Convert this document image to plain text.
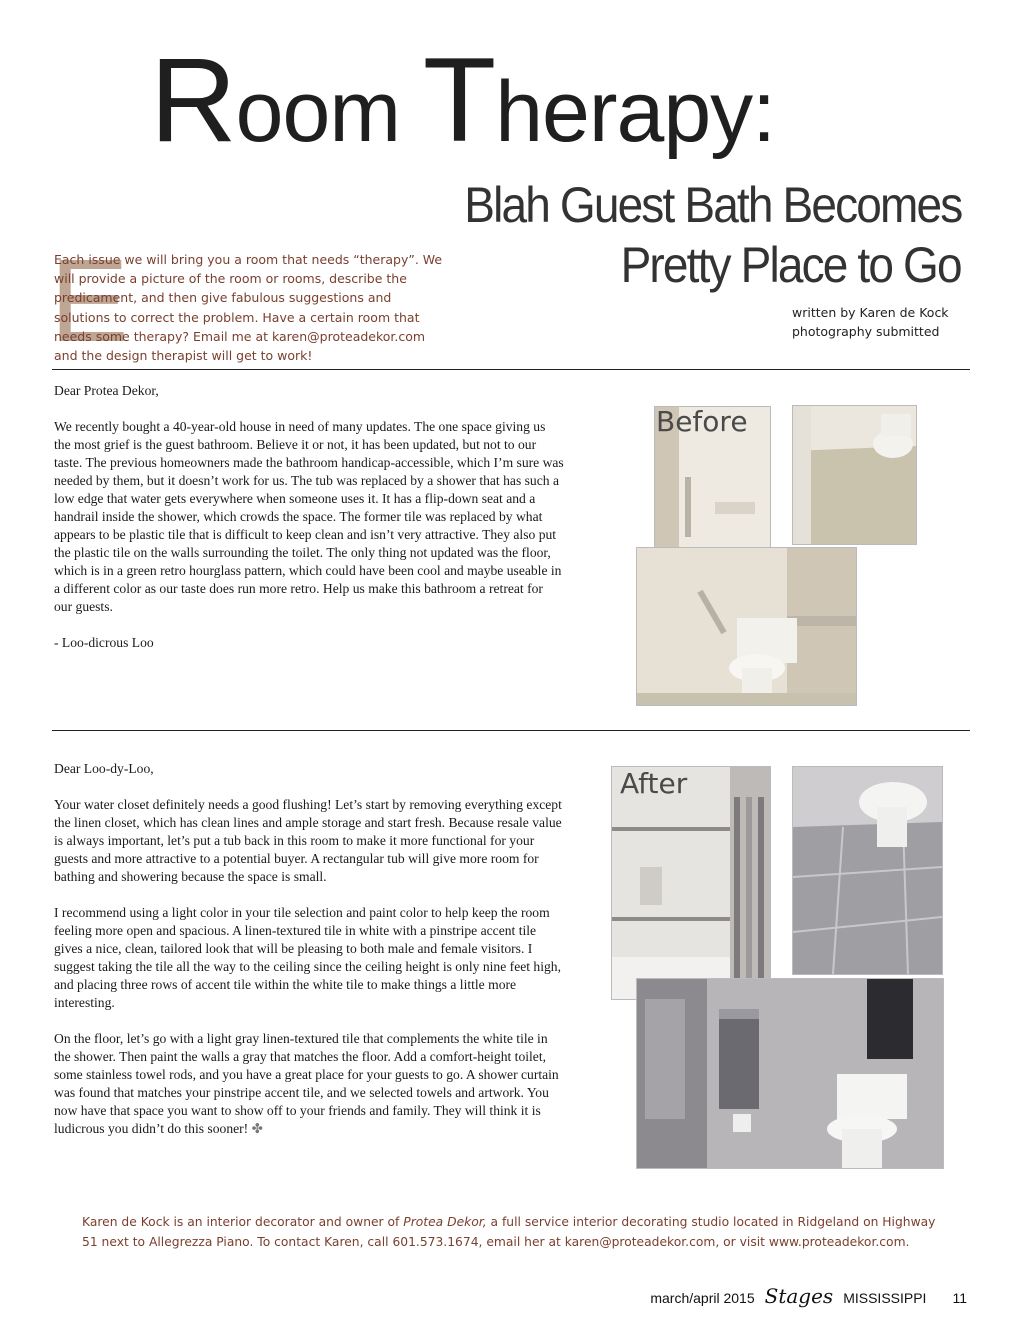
Room Therapy:
Blah Guest Bath Becomes
Pretty Place to Go
written by Karen de Kock
photography submitted
E

Each issue we will bring you a room that needs “therapy”. We will provide a picture of the room or rooms, describe the predicament, and then give fabulous suggestions and solutions to correct the problem. Have a certain room that needs some therapy? Email me at karen@proteadekor.com and the design therapist will get to work!

Dear Protea Dekor,

We recently bought a 40-year-old house in need of many updates. The one space giving us the most grief is the guest bathroom. Believe it or not, it has been updated, but not to our taste. The previous homeowners made the bathroom handicap-accessible, which I’m sure was needed by them, but it doesn’t work for us. The tub was replaced by a shower that has such a low edge that water gets everywhere when someone uses it. It has a flip-down seat and a handrail inside the shower, which crowds the space. The former tile was replaced by what appears to be plastic tile that is difficult to keep clean and isn’t very attractive. They also put the plastic tile on the walls surrounding the toilet. The only thing not updated was the floor, which is in a green retro hourglass pattern, which could have been cool and maybe useable in a different color as our taste does run more retro. Help us make this bathroom a retreat for our guests.

- Loo-dicrous Loo

Before

Dear Loo-dy-Loo,

Your water closet definitely needs a good flushing! Let’s start by removing everything except the linen closet, which has clean lines and ample storage and start fresh. Because resale value is always important, let’s put a tub back in this room to make it more functional for your guests and more attractive to a potential buyer. A rectangular tub will give more room for bathing and showering because the space is small.

I recommend using a light color in your tile selection and paint color to help keep the room feeling more open and spacious. A linen-textured tile in white with a pinstripe accent tile gives a nice, clean, tailored look that will be pleasing to both male and female visitors. I suggest taking the tile all the way to the ceiling since the ceiling height is only nine feet high, and placing three rows of accent tile within the white tile to make things a little more interesting.

On the floor, let’s go with a light gray linen-textured tile that complements the white tile in the shower. Then paint the walls a gray that matches the floor. Add a comfort-height toilet, some stainless towel rods, and you have a great place for your guests to go. A shower curtain was found that matches your pinstripe accent tile, and we selected towels and artwork. You now have that space you want to show off to your friends and family. They will think it is ludicrous you didn’t do this sooner! ✤

After
Karen de Kock is an interior decorator and owner of Protea Dekor, a full service interior decorating studio located in Ridgeland on Highway 51 next to Allegrezza Piano. To contact Karen, call 601.573.1674, email her at karen@proteadekor.com, or visit www.proteadekor.com.
march/april 2015 Stages MISSISSIPPI 11
